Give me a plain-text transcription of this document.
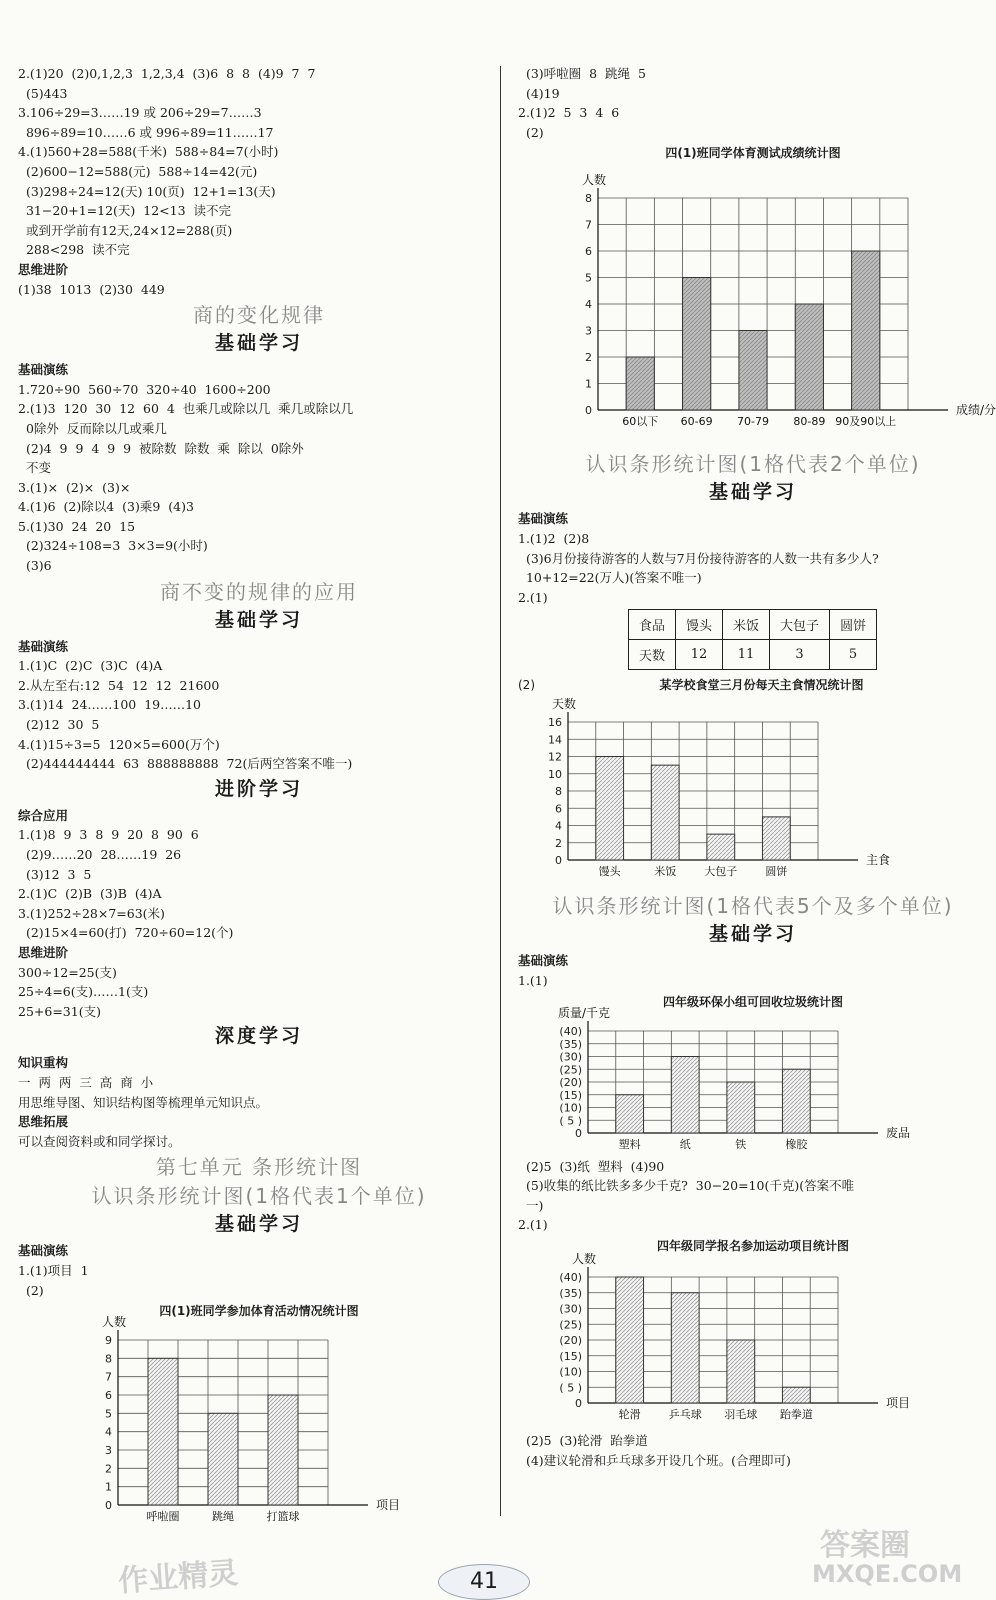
2.(1)20  (2)0,1,2,3  1,2,3,4  (3)6  8  8  (4)9  7  7
(5)443
3.106÷29=3……19 或 206÷29=7……3
896÷89=10……6 或 996÷89=11……17
4.(1)560+28=588(千米)  588÷84=7(小时)
(2)600−12=588(元)  588÷14=42(元)
(3)298÷24=12(天) 10(页)  12+1=13(天)
31−20+1=12(天)  12<13  读不完
或到开学前有12天,24×12=288(页)
288<298  读不完
思维进阶
(1)38  1013  (2)30  449
商的变化规律
基础学习
基础演练
1.720÷90  560÷70  320÷40  1600÷200
2.(1)3  120  30  12  60  4  也乘几或除以几  乘几或除以几
0除外  反而除以几或乘几
(2)4  9  9  4  9  9  被除数  除数  乘  除以  0除外
不变
3.(1)×  (2)×  (3)×
4.(1)6  (2)除以4  (3)乘9  (4)3
5.(1)30  24  20  15
(2)324÷108=3  3×3=9(小时)
(3)6
商不变的规律的应用
基础学习
基础演练
1.(1)C  (2)C  (3)C  (4)A
2.从左至右:12  54  12  12  21600
3.(1)14  24……100  19……10
(2)12  30  5
4.(1)15÷3=5  120×5=600(万个)
(2)444444444  63  888888888  72(后两空答案不唯一)
进阶学习
综合应用
1.(1)8  9  3  8  9  20  8  90  6
(2)9……20  28……19  26
(3)12  3  5
2.(1)C  (2)B  (3)B  (4)A
3.(1)252÷28×7=63(米)
(2)15×4=60(打)  720÷60=12(个)
思维进阶
300÷12=25(支)
25÷4=6(支)……1(支)
25+6=31(支)
深度学习
知识重构
一  两  两  三  高  商  小
用思维导图、知识结构图等梳理单元知识点。
思维拓展
可以查阅资料或和同学探讨。
第七单元 条形统计图
认识条形统计图(1格代表1个单位)
基础学习
基础演练
1.(1)项目  1
(2)
四(1)班同学参加体育活动情况统计图
0
1
2
3
4
5
6
7
8
9
人数
项目
呼啦圈	跳绳	打篮球
(3)呼啦圈  8  跳绳  5
(4)19
2.(1)2  5  3  4  6
(2)
四(1)班同学体育测试成绩统计图
0
1
2
3
4
5
6
7
8
人数
成绩/分
60以下 60-69 70-79 80-89 90及90以上
认识条形统计图(1格代表2个单位)
基础学习
基础演练
1.(1)2  (2)8
(3)6月份接待游客的人数与7月份接待游客的人数一共有多少人?
10+12=22(万人)(答案不唯一)
2.(1)
食品	馒头	米饭	大包子	圆饼
天数	12	11	3	5
(2)	某学校食堂三月份每天主食情况统计图
0
2
4
6
8
10
12
14
16
天数
主食
馒头	米饭	大包子	圆饼
认识条形统计图(1格代表5个及多个单位)
基础学习
基础演练
1.(1)
四年级环保小组可回收垃圾统计图
0
( 5 )
(10)
(15)
(20)
(25)
(30)
(35)
(40)
质量/千克
废品
塑料	纸	铁	橡胶
(2)5  (3)纸  塑料  (4)90
(5)收集的纸比铁多多少千克?  30−20=10(千克)(答案不唯
一)
2.(1)
四年级同学报名参加运动项目统计图
0
( 5 )
(10)
(15)
(20)
(25)
(30)
(35)
(40)
人数
项目
轮滑	乒乓球 羽毛球 跆拳道
(2)5  (3)轮滑  跆拳道
(4)建议轮滑和乒乓球多开设几个班。(合理即可)
41
作业精灵
答案圈
MXQE.COM
